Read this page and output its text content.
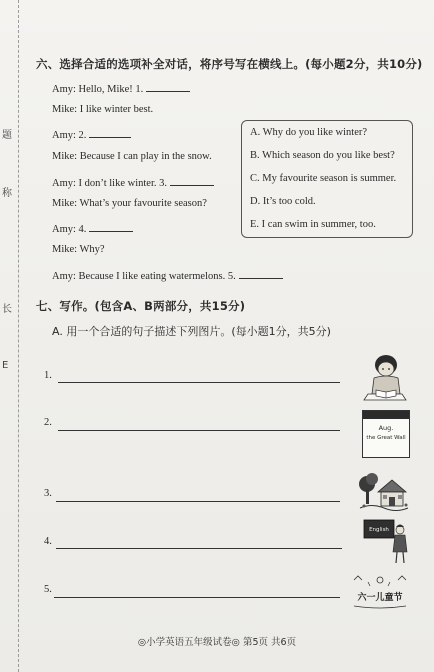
题
称
长
E
六、选择合适的选项补全对话，将序号写在横线上。(每小题2分，共10分)
Amy: Hello, Mike! 1.
Mike: I like winter best.
Amy: 2.
Mike: Because I can play in the snow.
Amy: I don’t like winter. 3.
Mike: What’s your favourite season?
Amy: 4.
Mike: Why?
Amy: Because I like eating watermelons. 5.
A. Why do you like winter?
B. Which season do you like best?
C. My favourite season is summer.
D. It’s too cold.
E. I can swim in summer, too.
七、写作。(包含A、B两部分，共15分)
A. 用一个合适的句子描述下列图片。(每小题1分，共5分)
1.
2.
3.
4.
5.
Aug.
the Great Wall
English
六一儿童节
◎小学英语五年级试卷◎ 第5页 共6页
